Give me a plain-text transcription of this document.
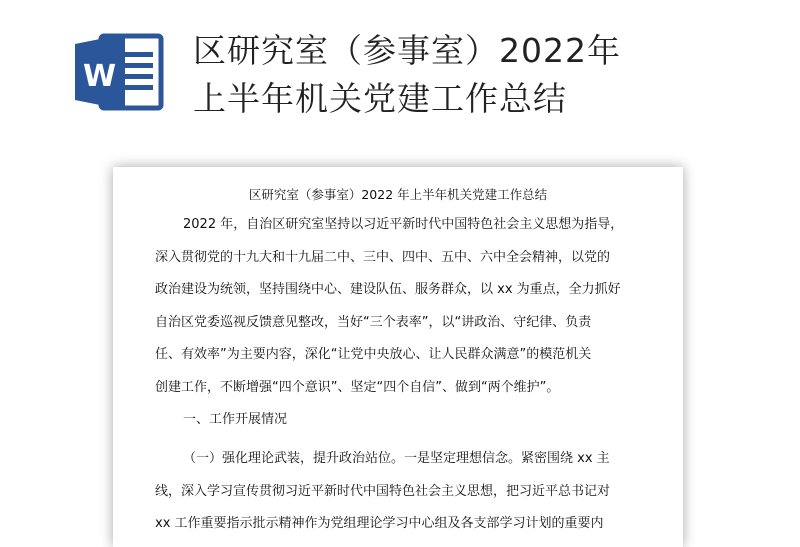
W
区研究室（参事室）2022年
上半年机关党建工作总结
区研究室（参事室）2022 年上半年机关党建工作总结
2022 年，自治区研究室坚持以习近平新时代中国特色社会主义思想为指导，
深入贯彻党的十九大和十九届二中、三中、四中、五中、六中全会精神，以党的
政治建设为统领，坚持围绕中心、建设队伍、服务群众，以 xx 为重点，全力抓好
自治区党委巡视反馈意见整改，当好“三个表率”，以“讲政治、守纪律、负责
任、有效率”为主要内容，深化“让党中央放心、让人民群众满意”的模范机关
创建工作，不断增强“四个意识”、坚定“四个自信”、做到“两个维护”。
一、工作开展情况
（一）强化理论武装，提升政治站位。一是坚定理想信念。紧密围绕 xx 主
线，深入学习宣传贯彻习近平新时代中国特色社会主义思想，把习近平总书记对
xx 工作重要指示批示精神作为党组理论学习中心组及各支部学习计划的重要内
